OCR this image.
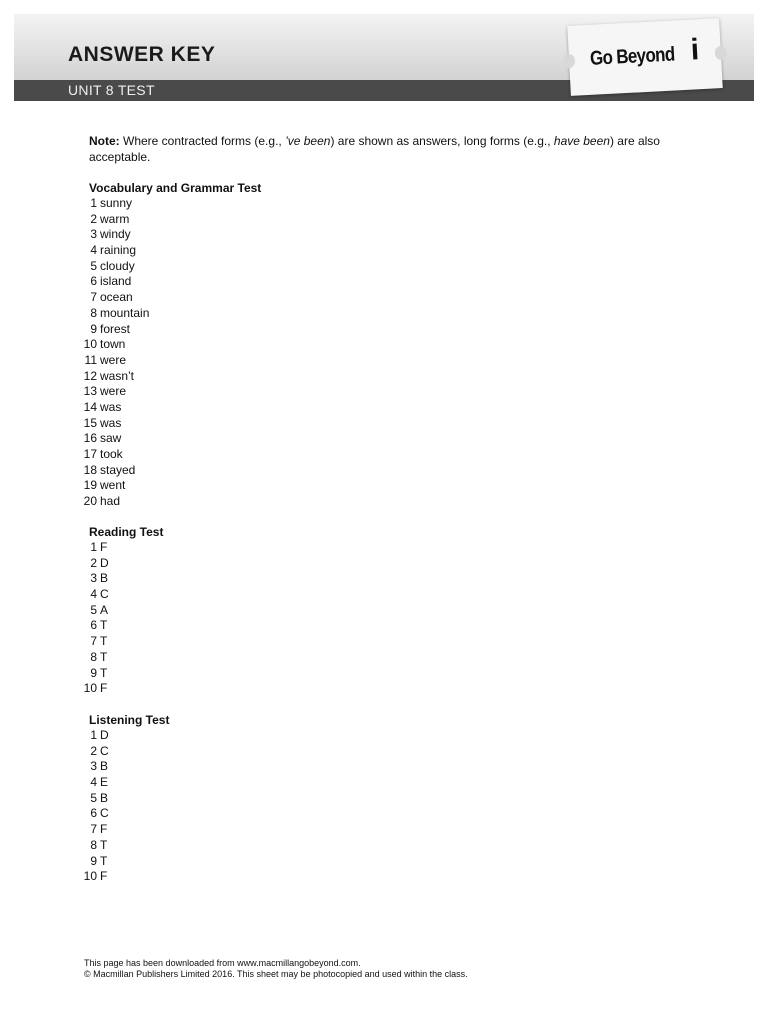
ANSWER KEY
UNIT 8 TEST
Go Beyond i
Note: Where contracted forms (e.g., ’ve been) are shown as answers, long forms (e.g., have been) are also acceptable.
Vocabulary and Grammar Test
1 sunny
2 warm
3 windy
4 raining
5 cloudy
6 island
7 ocean
8 mountain
9 forest
10 town
11 were
12 wasn’t
13 were
14 was
15 was
16 saw
17 took
18 stayed
19 went
20 had
Reading Test
1 F
2 D
3 B
4 C
5 A
6 T
7 T
8 T
9 T
10 F
Listening Test
1 D
2 C
3 B
4 E
5 B
6 C
7 F
8 T
9 T
10 F
This page has been downloaded from www.macmillangobeyond.com.
© Macmillan Publishers Limited 2016. This sheet may be photocopied and used within the class.
